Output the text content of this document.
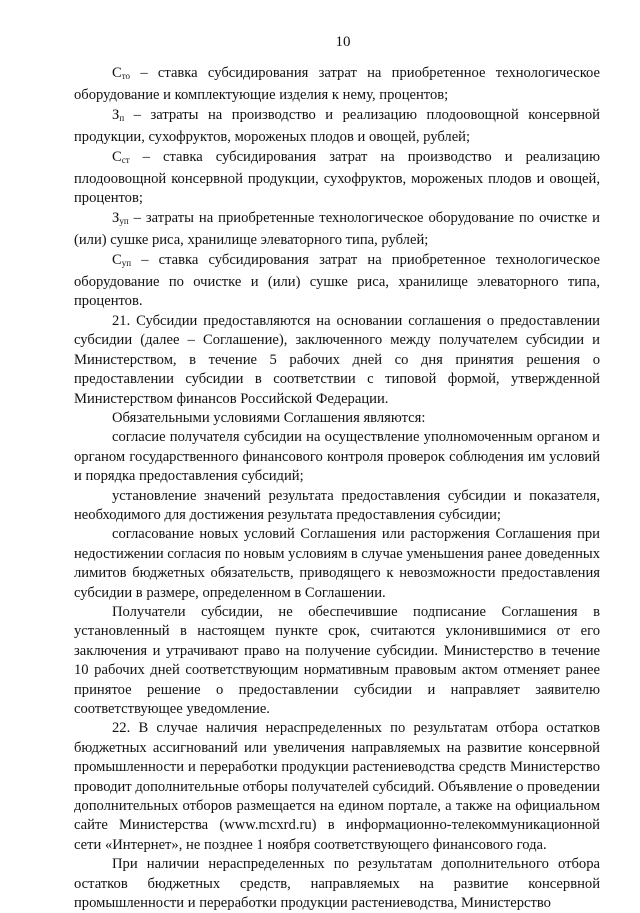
10

$С_{то}$ – ставка субсидирования затрат на приобретенное технологическое оборудование и комплектующие изделия к нему, процентов;

$З_п$ – затраты на производство и реализацию плодоовощной консервной продукции, сухофруктов, мороженых плодов и овощей, рублей;

$С_{ст}$ – ставка субсидирования затрат на производство и реализацию плодоовощной консервной продукции, сухофруктов, мороженых плодов и овощей, процентов;

$З_{уп}$ – затраты на приобретенные технологическое оборудование по очистке и (или) сушке риса, хранилище элеваторного типа, рублей;

$С_{уп}$ – ставка субсидирования затрат на приобретенное технологическое оборудование по очистке и (или) сушке риса, хранилище элеваторного типа, процентов.

21. Субсидии предоставляются на основании соглашения о предоставлении субсидии (далее – Соглашение), заключенного между получателем субсидии и Министерством, в течение 5 рабочих дней со дня принятия решения о предоставлении субсидии в соответствии с типовой формой, утвержденной Министерством финансов Российской Федерации.

Обязательными условиями Соглашения являются:

согласие получателя субсидии на осуществление уполномоченным органом и органом государственного финансового контроля проверок соблюдения им условий и порядка предоставления субсидий;

установление значений результата предоставления субсидии и показателя, необходимого для достижения результата предоставления субсидии;

согласование новых условий Соглашения или расторжения Соглашения при недостижении согласия по новым условиям в случае уменьшения ранее доведенных лимитов бюджетных обязательств, приводящего к невозможности предоставления субсидии в размере, определенном в Соглашении.

Получатели субсидии, не обеспечившие подписание Соглашения в установленный в настоящем пункте срок, считаются уклонившимися от его заключения и утрачивают право на получение субсидии. Министерство в течение 10 рабочих дней соответствующим нормативным правовым актом отменяет ранее принятое решение о предоставлении субсидии и направляет заявителю соответствующее уведомление.

22. В случае наличия нераспределенных по результатам отбора остатков бюджетных ассигнований или увеличения направляемых на развитие консервной промышленности и переработки продукции растениеводства средств Министерство проводит дополнительные отборы получателей субсидий. Объявление о проведении дополнительных отборов размещается на едином портале, а также на официальном сайте Министерства (www.mcxrd.ru) в информационно-телекоммуникационной сети «Интернет», не позднее 1 ноября соответствующего финансового года.

При наличии нераспределенных по результатам дополнительного отбора остатков бюджетных средств, направляемых на развитие консервной промышленности и переработки продукции растениеводства, Министерство
